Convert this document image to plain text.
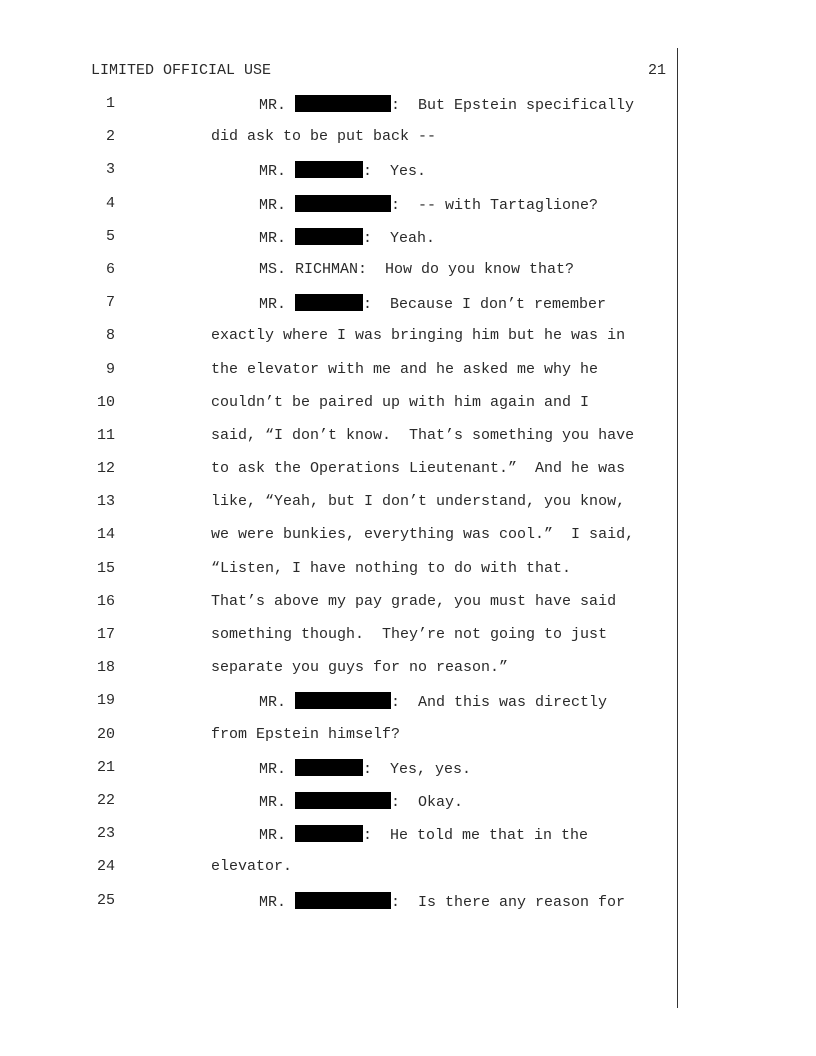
LIMITED OFFICIAL USE	21
1	MR.	:  But Epstein specifically
2	did ask to be put back --
3	MR.	:  Yes.
4	MR.	:  -- with Tartaglione?
5	MR.	:  Yeah.
6	MS. RICHMAN:  How do you know that?
7	MR.	:  Because I don’t remember
8	exactly where I was bringing him but he was in
9	the elevator with me and he asked me why he
10	couldn’t be paired up with him again and I
11	said, “I don’t know.  That’s something you have
12	to ask the Operations Lieutenant.”  And he was
13	like, “Yeah, but I don’t understand, you know,
14	we were bunkies, everything was cool.”  I said,
15	“Listen, I have nothing to do with that.
16	That’s above my pay grade, you must have said
17	something though.  They’re not going to just
18	separate you guys for no reason.”
19	MR.	:  And this was directly
20	from Epstein himself?
21	MR.	:  Yes, yes.
22	MR.	:  Okay.
23	MR.	:  He told me that in the
24	elevator.
25	MR.	:  Is there any reason for
